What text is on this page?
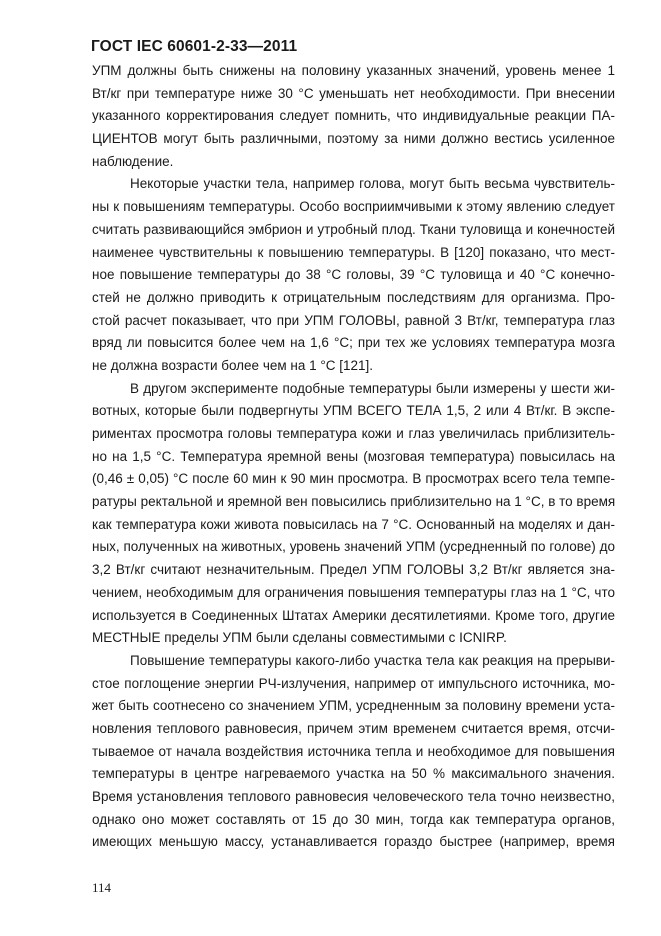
ГОСТ IEC 60601-2-33—2011
УПМ должны быть снижены на половину указанных значений, уровень менее 1
Вт/кг при температуре ниже 30 °С уменьшать нет необходимости. При внесении
указанного корректирования следует помнить, что индивидуальные реакции ПА-
ЦИЕНТОВ могут быть различными, поэтому за ними должно вестись усиленное
наблюдение.
Некоторые участки тела, например голова, могут быть весьма чувствитель-
ны к повышениям температуры. Особо восприимчивыми к этому явлению следует
считать развивающийся эмбрион и утробный плод. Ткани туловища и конечностей
наименее чувствительны к повышению температуры. В [120] показано, что мест-
ное повышение температуры до 38 °С головы, 39 °С туловища и 40 °С конечно-
стей не должно приводить к отрицательным последствиям для организма. Про-
стой расчет показывает, что при УПМ ГОЛОВЫ, равной 3 Вт/кг, температура глаз
вряд ли повысится более чем на 1,6 °С; при тех же условиях температура мозга
не должна возрасти более чем на 1 °С [121].
В другом эксперименте подобные температуры были измерены у шести жи-
вотных, которые были подвергнуты УПМ ВСЕГО ТЕЛА 1,5, 2 или 4 Вт/кг. В экспе-
риментах просмотра головы температура кожи и глаз увеличилась приблизитель-
но на 1,5 °С. Температура яремной вены (мозговая температура) повысилась на
(0,46 ± 0,05) °С после 60 мин к 90 мин просмотра. В просмотрах всего тела темпе-
ратуры ректальной и яремной вен повысились приблизительно на 1 °С, в то время
как температура кожи живота повысилась на 7 °С. Основанный на моделях и дан-
ных, полученных на животных, уровень значений УПМ (усредненный по голове) до
3,2 Вт/кг считают незначительным. Предел УПМ ГОЛОВЫ 3,2 Вт/кг является зна-
чением, необходимым для ограничения повышения температуры глаз на 1 °С, что
используется в Соединенных Штатах Америки десятилетиями. Кроме того, другие
МЕСТНЫЕ пределы УПМ были сделаны совместимыми с ICNIRP.
Повышение температуры какого-либо участка тела как реакция на прерыви-
стое поглощение энергии РЧ-излучения, например от импульсного источника, мо-
жет быть соотнесено со значением УПМ, усредненным за половину времени уста-
новления теплового равновесия, причем этим временем считается время, отсчи-
тываемое от начала воздействия источника тепла и необходимое для повышения
температуры в центре нагреваемого участка на 50 % максимального значения.
Время установления теплового равновесия человеческого тела точно неизвестно,
однако оно может составлять от 15 до 30 мин, тогда как температура органов,
имеющих меньшую массу, устанавливается гораздо быстрее (например, время
114
